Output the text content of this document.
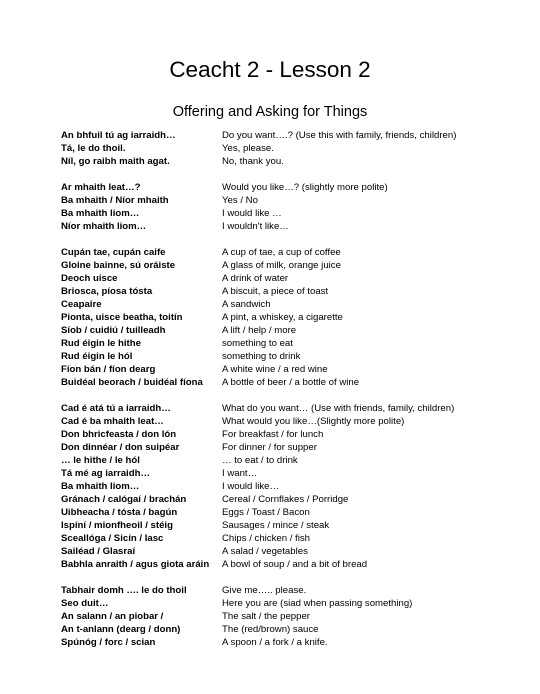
Ceacht 2 - Lesson 2
Offering and Asking for Things
An bhfuil tú ag iarraidh…	Do you want….? (Use this with family, friends, children)
Tá, le do thoil.	Yes, please.
Níl, go raibh maith agat.	No, thank you.
Ar mhaith leat…?	Would you like…? (slightly more polite)
Ba mhaith / Níor mhaith	Yes / No
Ba mhaith liom…	I would like …
Níor mhaith liom…	I wouldn't like…
Cupán tae, cupán caife	A cup of tae, a cup of coffee
Gloine bainne, sú oráiste	A glass of milk, orange juice
Deoch uisce	A drink of water
Briosca, píosa tósta	A biscuit, a piece of toast
Ceapaire	A sandwich
Pionta, uisce beatha, toitín	A pint, a whiskey, a cigarette
Síob / cuidiú / tuilleadh	A lift / help / more
Rud éigin le hithe	something to eat
Rud éigin le hól	something to drink
Fíon bán / fíon dearg	A white wine / a red wine
Buidéal beorach / buidéal fíona	A bottle of beer / a bottle of wine
Cad é atá tú a iarraidh…	What do you want… (Use with friends, family, children)
Cad é ba mhaith leat…	What would you like…(Slightly more polite)
Don bhricfeasta / don lón	For breakfast / for lunch
Don dinnéar / don suipéar	For dinner / for supper
… le hithe / le hól	… to eat / to drink
Tá mé ag iarraidh…	I want…
Ba mhaith liom…	I would like…
Gránach / calógaí / brachán	Cereal / Cornflakes / Porridge
Uibheacha / tósta / bagún	Eggs / Toast / Bacon
Ispíní / mionfheoil / stéig	Sausages / mince / steak
Sceallóga / Sicín / Iasc	Chips / chicken / fish
Sailéad / Glasraí	A salad / vegetables
Babhla anraith / agus giota aráin	A bowl of soup / and a bit of bread
Tabhair domh …. le do thoil	Give me….. please.
Seo duit…	Here you are (siad when passing something)
An salann / an piobar /	The salt / the pepper
An t-anlann (dearg / donn)	The (red/brown) sauce
Spúnóg / forc / scian	A spoon / a fork / a knife.
